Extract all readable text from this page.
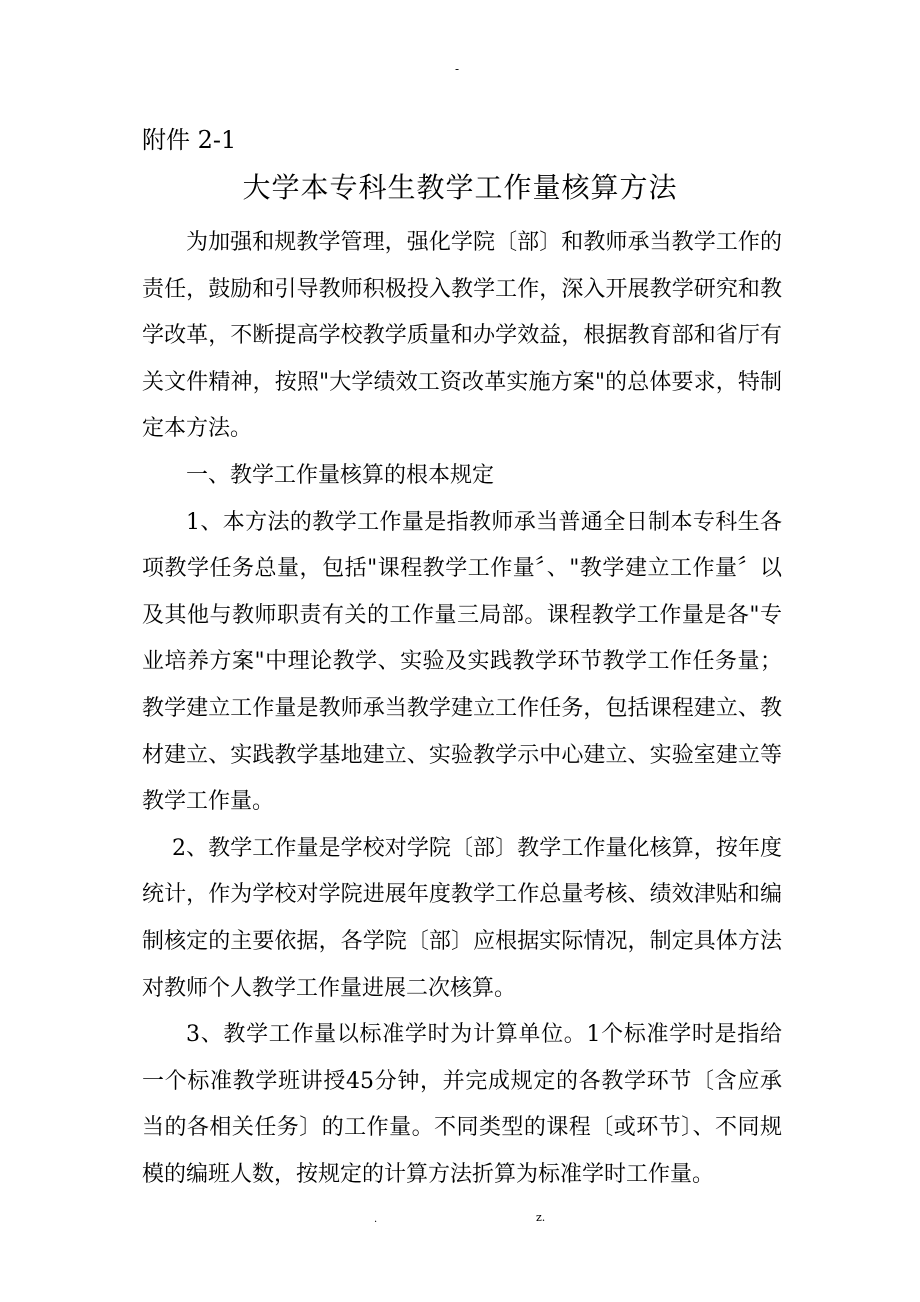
-
附件 2-1
大学本专科生教学工作量核算方法

为加强和规教学管理，强化学院〔部〕和教师承当教学工作的责任，鼓励和引导教师积极投入教学工作，深入开展教学研究和教学改革，不断提高学校教学质量和办学效益，根据教育部和省厅有关文件精神，按照"大学绩效工资改革实施方案"的总体要求，特制定本方法。

一、教学工作量核算的根本规定

1、本方法的教学工作量是指教师承当普通全日制本专科生各项教学任务总量，包括"课程教学工作量〞、"教学建立工作量〞以及其他与教师职责有关的工作量三局部。课程教学工作量是各"专业培养方案"中理论教学、实验及实践教学环节教学工作任务量；教学建立工作量是教师承当教学建立工作任务，包括课程建立、教材建立、实践教学基地建立、实验教学示中心建立、实验室建立等教学工作量。

2、教学工作量是学校对学院〔部〕教学工作量化核算，按年度统计，作为学校对学院进展年度教学工作总量考核、绩效津贴和编制核定的主要依据，各学院〔部〕应根据实际情况，制定具体方法对教师个人教学工作量进展二次核算。

3、教学工作量以标准学时为计算单位。1个标准学时是指给一个标准教学班讲授45分钟，并完成规定的各教学环节〔含应承当的各相关任务〕的工作量。不同类型的课程〔或环节〕、不同规模的编班人数，按规定的计算方法折算为标准学时工作量。

.	z.
